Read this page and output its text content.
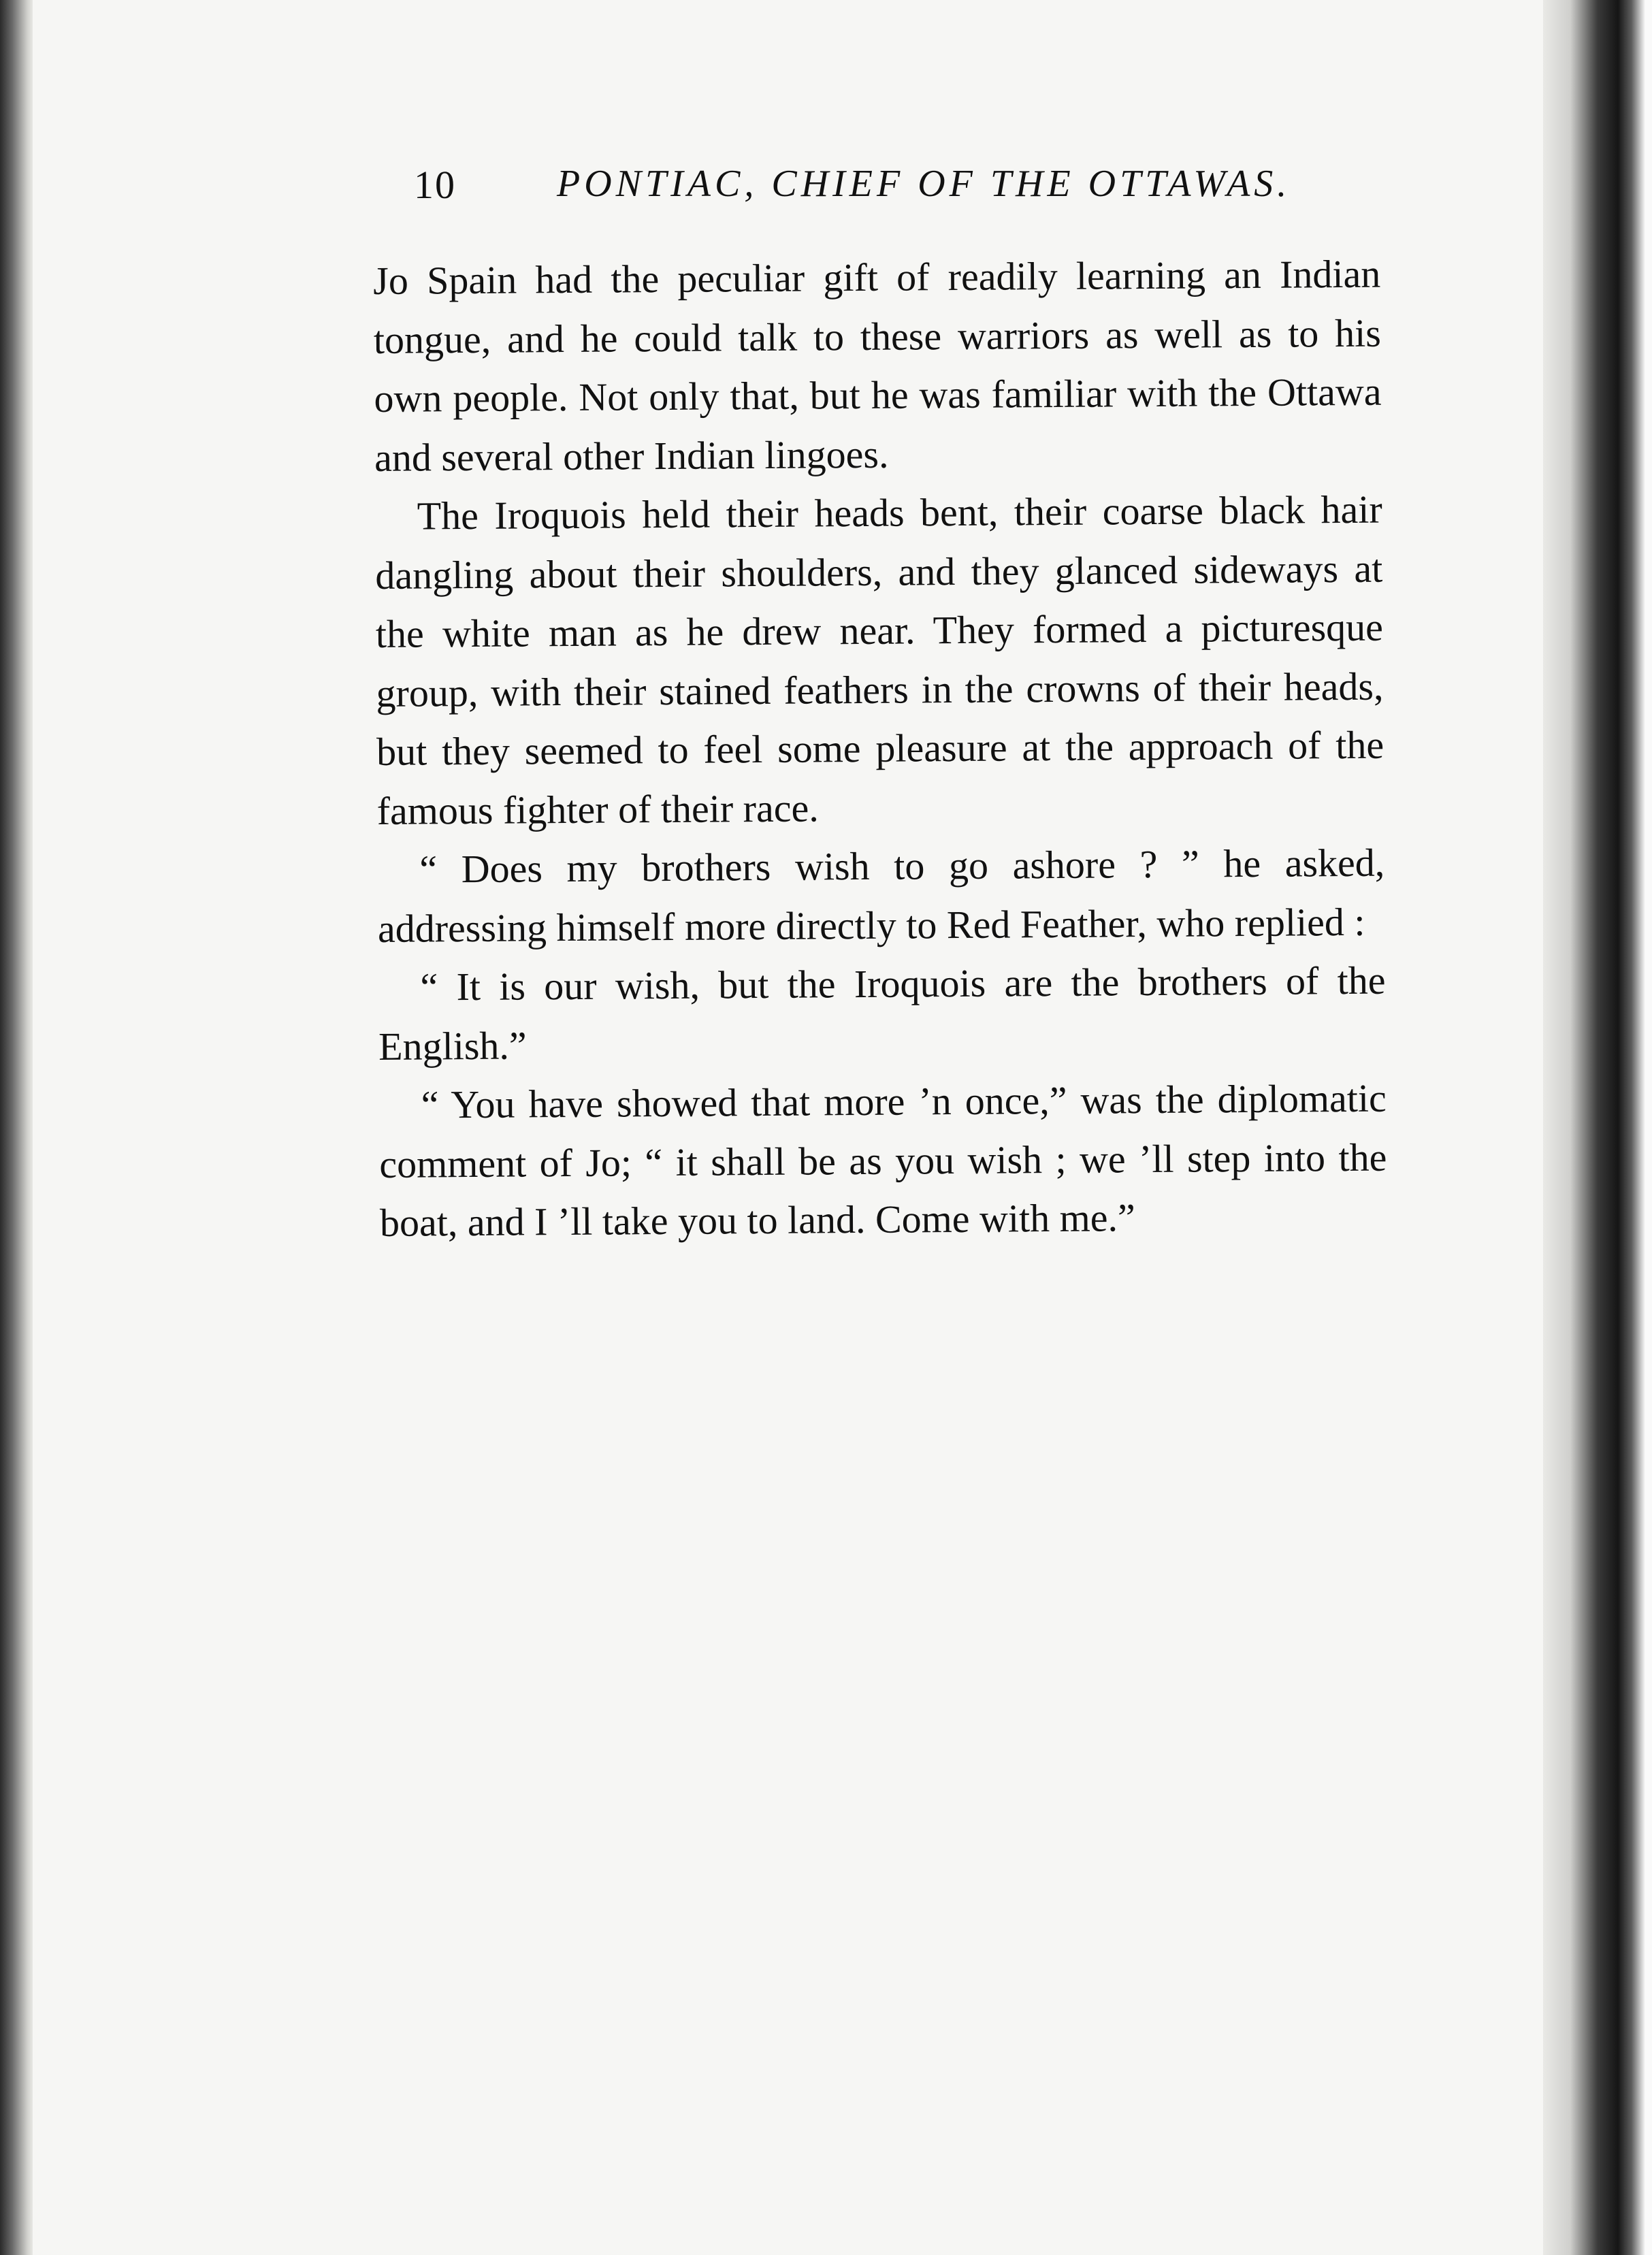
10	PONTIAC, CHIEF OF THE OTTAWAS.

Jo Spain had the peculiar gift of readily learning an Indian tongue, and he could talk to these warriors as well as to his own people. Not only that, but he was familiar with the Ottawa and several other Indian lingoes.

The Iroquois held their heads bent, their coarse black hair dangling about their shoulders, and they glanced sideways at the white man as he drew near. They formed a picturesque group, with their stained feathers in the crowns of their heads, but they seemed to feel some pleasure at the approach of the famous fighter of their race.

“ Does my brothers wish to go ashore ? ” he asked, addressing himself more directly to Red Feather, who replied :

“ It is our wish, but the Iroquois are the brothers of the English.”

“ You have showed that more ’n once,” was the diplomatic comment of Jo; “ it shall be as you wish ; we ’ll step into the boat, and I ’ll take you to land. Come with me.”
